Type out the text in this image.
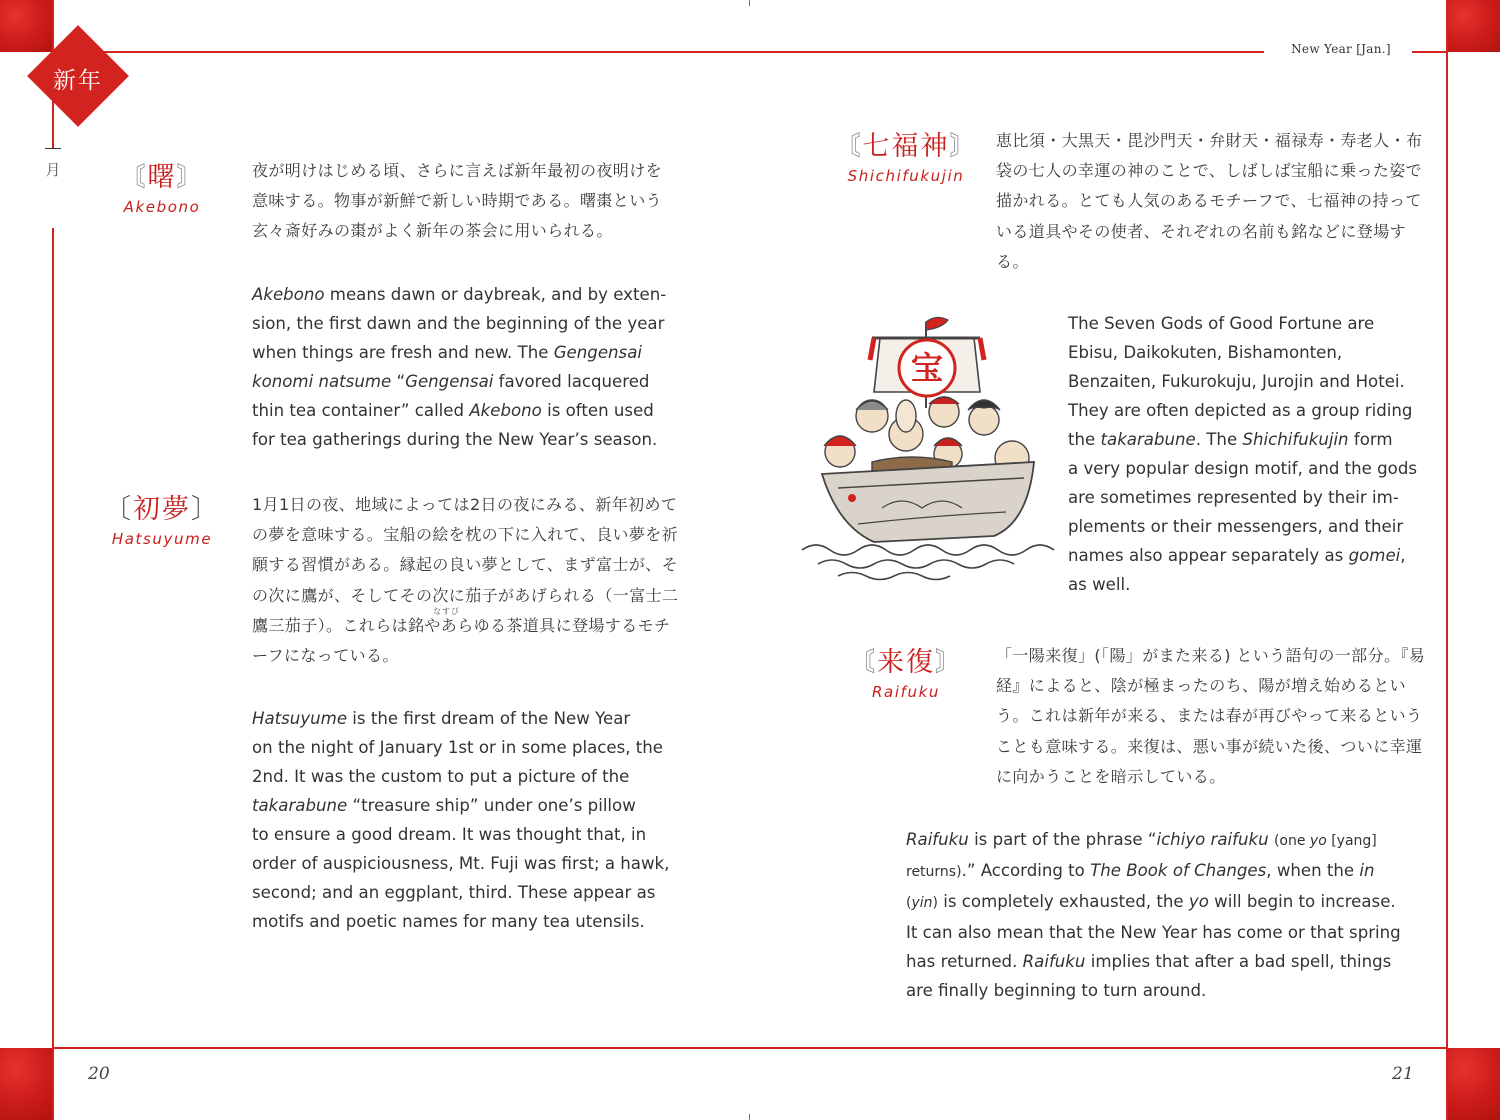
New Year [Jan.]
新年
月	〘曙〙
Akebono
夜が明けはじめる頃、さらに言えば新年最初の夜明けを意味する。物事が新鮮で新しい時期である。曙棗という玄々斎好みの棗がよく新年の茶会に用いられる。
Akebono means dawn or daybreak, and by exten-
sion, the first dawn and the beginning of the year
when things are fresh and new. The Gengensai
konomi natsume “Gengensai favored lacquered
thin tea container” called Akebono is often used
for tea gatherings during the New Year’s season.
〔初夢〕
Hatsuyume
1月1日の夜、地域によっては2日の夜にみる、新年初めての夢を意味する。宝船の絵を枕の下に入れて、良い夢を祈願する習慣がある。縁起の良い夢として、まず富士が、その次に鷹が、そしてその次に茄子があげられる（一富士二鷹三茄子）。これらは銘やあらゆる茶道具に登場するモチーフになっている。
なすび
Hatsuyume is the first dream of the New Year
on the night of January 1st or in some places, the
2nd. It was the custom to put a picture of the
takarabune “treasure ship” under one’s pillow
to ensure a good dream. It was thought that, in
order of auspiciousness, Mt. Fuji was first; a hawk,
second; and an eggplant, third. These appear as
motifs and poetic names for many tea utensils.
20
〘七福神〙
Shichifukujin
恵比須・大黒天・毘沙門天・弁財天・福禄寿・寿老人・布袋の七人の幸運の神のことで、しばしば宝船に乗った姿で描かれる。とても人気のあるモチーフで、七福神の持っている道具やその使者、それぞれの名前も銘などに登場する。
宝
The Seven Gods of Good Fortune are
Ebisu, Daikokuten, Bishamonten,
Benzaiten, Fukurokuju, Jurojin and Hotei.
They are often depicted as a group riding
the takarabune. The Shichifukujin form
a very popular design motif, and the gods
are sometimes represented by their im-
plements or their messengers, and their
names also appear separately as gomei,
as well.
〘来復〙
Raifuku
「一陽来復」(「陽」がまた来る) という語句の一部分。『易経』によると、陰が極まったのち、陽が増え始めるという。これは新年が来る、または春が再びやって来るということも意味する。来復は、悪い事が続いた後、ついに幸運に向かうことを暗示している。
Raifuku is part of the phrase “ichiyo raifuku (one yo [yang]
returns).” According to The Book of Changes, when the in
(yin) is completely exhausted, the yo will begin to increase.
It can also mean that the New Year has come or that spring
has returned. Raifuku implies that after a bad spell, things
are finally beginning to turn around.
21
